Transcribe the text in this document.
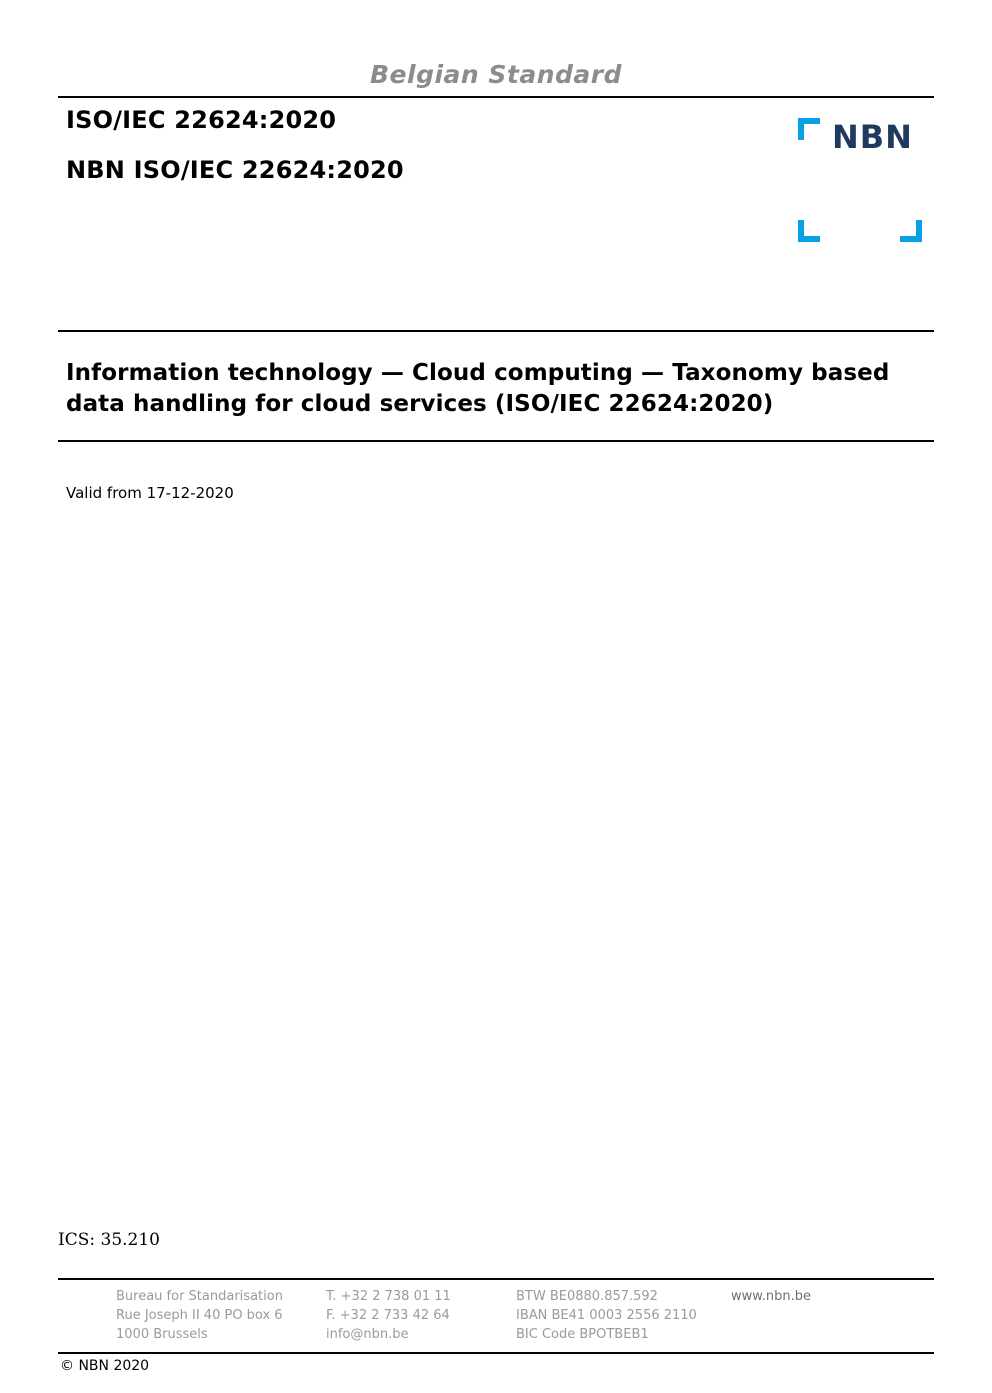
Belgian Standard
ISO/IEC 22624:2020
NBN ISO/IEC 22624:2020
NBN
Information technology — Cloud computing — Taxonomy based data handling for cloud services (ISO/IEC 22624:2020)
Valid from 17-12-2020
ICS: 35.210
Bureau for Standarisation
Rue Joseph II 40 PO box 6
1000 Brussels
T. +32 2 738 01 11
F. +32 2 733 42 64
info@nbn.be
BTW BE0880.857.592
IBAN BE41 0003 2556 2110
BIC Code BPOTBEB1
www.nbn.be
© NBN 2020
